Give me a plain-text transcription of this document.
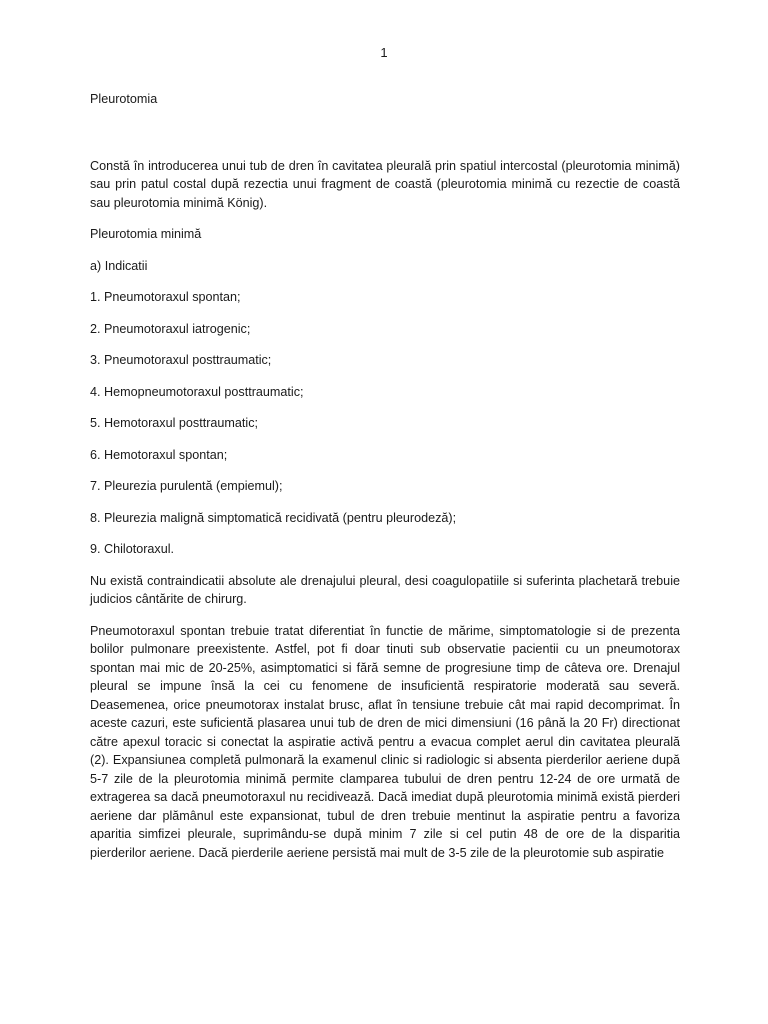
1

Pleurotomia

Constă în introducerea unui tub de dren în cavitatea pleurală prin spatiul intercostal (pleurotomia minimă) sau prin patul costal după rezectia unui fragment de coastă (pleurotomia minimă cu rezectie de coastă sau pleurotomia minimă König).

Pleurotomia minimă

a) Indicatii

1. Pneumotoraxul spontan;

2. Pneumotoraxul iatrogenic;

3. Pneumotoraxul posttraumatic;

4. Hemopneumotoraxul posttraumatic;

5. Hemotoraxul posttraumatic;

6. Hemotoraxul spontan;

7. Pleurezia purulentă (empiemul);

8. Pleurezia malignă simptomatică recidivată (pentru pleurodeză);

9. Chilotoraxul.

Nu există contraindicatii absolute ale drenajului pleural, desi coagulopatiile si suferinta plachetară trebuie judicios cântărite de chirurg.

Pneumotoraxul spontan trebuie tratat diferentiat în functie de mărime, simptomatologie si de prezenta bolilor pulmonare preexistente. Astfel, pot fi doar tinuti sub observatie pacientii cu un pneumotorax spontan mai mic de 20-25%, asimptomatici si fără semne de progresiune timp de câteva ore. Drenajul pleural se impune însă la cei cu fenomene de insuficientă respiratorie moderată sau severă. Deasemenea, orice pneumotorax instalat brusc, aflat în tensiune trebuie cât mai rapid decomprimat. În aceste cazuri, este suficientă plasarea unui tub de dren de mici dimensiuni (16 până la 20 Fr) directionat către apexul toracic si conectat la aspiratie activă pentru a evacua complet aerul din cavitatea pleurală (2). Expansiunea completă pulmonară la examenul clinic si radiologic si absenta pierderilor aeriene după 5-7 zile de la pleurotomia minimă permite clamparea tubului de dren pentru 12-24 de ore urmată de extragerea sa dacă pneumotoraxul nu recidivează. Dacă imediat după pleurotomia minimă există pierderi aeriene dar plămânul este expansionat, tubul de dren trebuie mentinut la aspiratie pentru a favoriza aparitia simfizei pleurale, suprimându-se după minim 7 zile si cel putin 48 de ore de la disparitia pierderilor aeriene. Dacă pierderile aeriene persistă mai mult de 3-5 zile de la pleurotomie sub aspiratie
